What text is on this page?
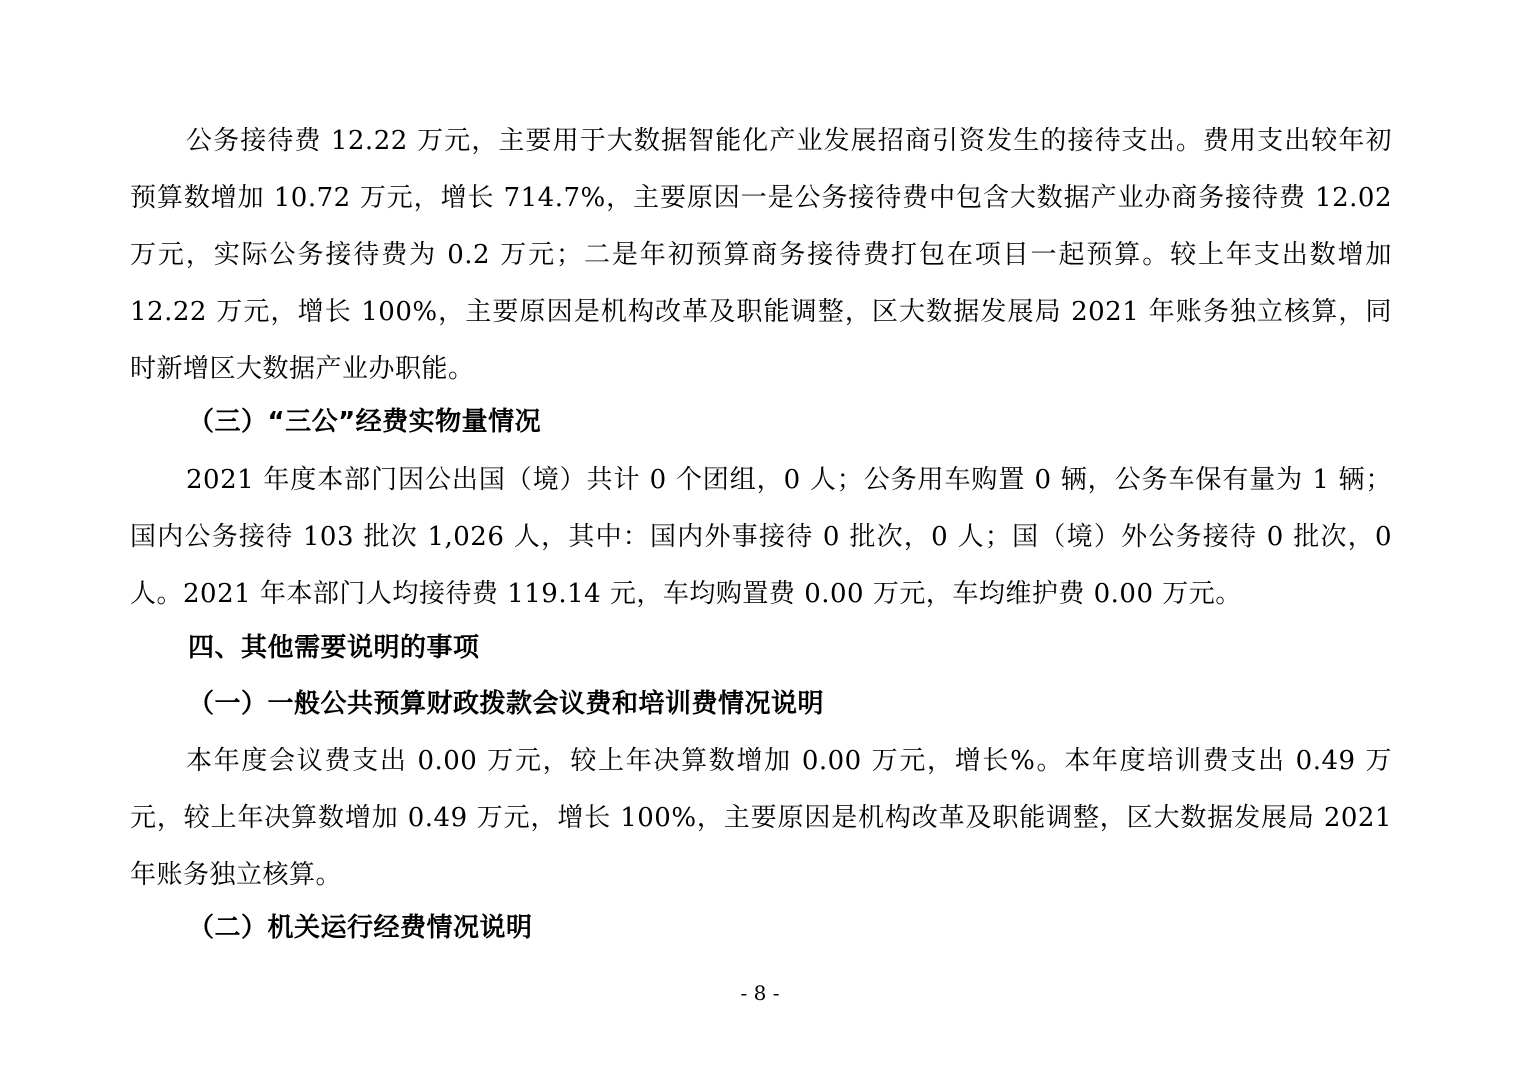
公务接待费 12.22 万元，主要用于大数据智能化产业发展招商引资发生的接待支出。费用支出较年初预算数增加 10.72 万元，增长 714.7%，主要原因一是公务接待费中包含大数据产业办商务接待费 12.02 万元，实际公务接待费为 0.2 万元；二是年初预算商务接待费打包在项目一起预算。较上年支出数增加 12.22 万元，增长 100%，主要原因是机构改革及职能调整，区大数据发展局 2021 年账务独立核算，同时新增区大数据产业办职能。

（三）“三公”经费实物量情况

2021 年度本部门因公出国（境）共计 0 个团组，0 人；公务用车购置 0 辆，公务车保有量为 1 辆；国内公务接待 103 批次 1,026 人，其中：国内外事接待 0 批次，0 人；国（境）外公务接待 0 批次，0 人。2021 年本部门人均接待费 119.14 元，车均购置费 0.00 万元，车均维护费 0.00 万元。

四、其他需要说明的事项
（一）一般公共预算财政拨款会议费和培训费情况说明

本年度会议费支出 0.00 万元，较上年决算数增加 0.00 万元，增长%。本年度培训费支出 0.49 万元，较上年决算数增加 0.49 万元，增长 100%，主要原因是机构改革及职能调整，区大数据发展局 2021 年账务独立核算。

（二）机关运行经费情况说明
- 8 -
